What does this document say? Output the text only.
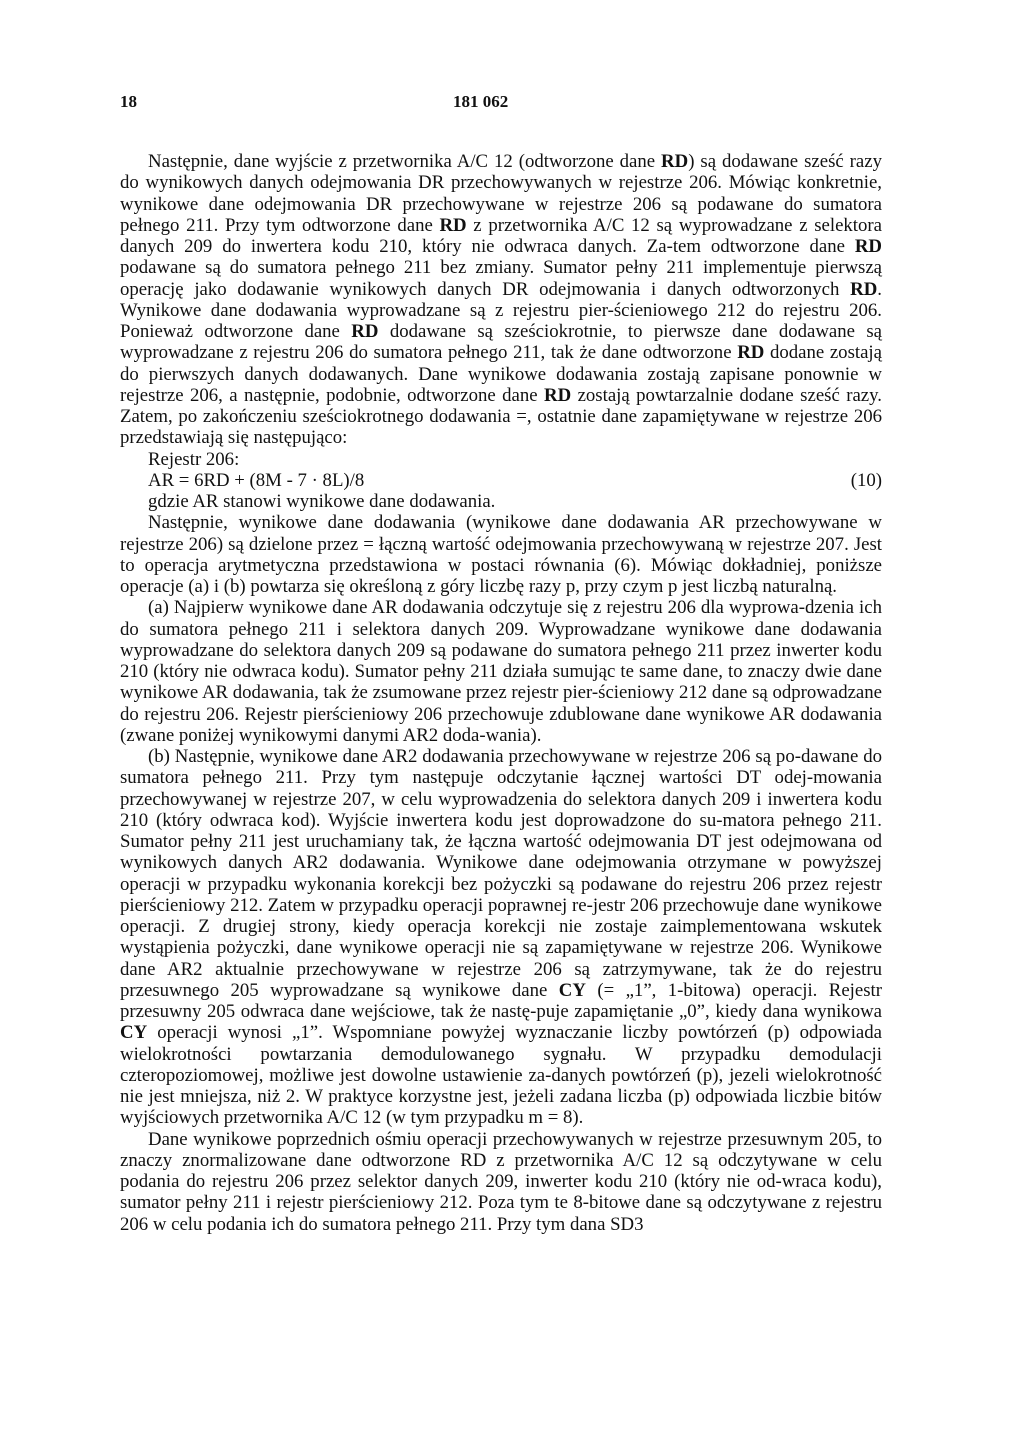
18	181 062

Następnie, dane wyjście z przetwornika A/C 12 (odtworzone dane RD) są dodawane sześć razy do wynikowych danych odejmowania DR przechowywanych w rejestrze 206. Mówiąc konkretnie, wynikowe dane odejmowania DR przechowywane w rejestrze 206 są podawane do sumatora pełnego 211. Przy tym odtworzone dane RD z przetwornika A/C 12 są wyprowadzane z selektora danych 209 do inwertera kodu 210, który nie odwraca danych. Za-tem odtworzone dane RD podawane są do sumatora pełnego 211 bez zmiany. Sumator pełny 211 implementuje pierwszą operację jako dodawanie wynikowych danych DR odejmowania i danych odtworzonych RD. Wynikowe dane dodawania wyprowadzane są z rejestru pier-ścieniowego 212 do rejestru 206. Ponieważ odtworzone dane RD dodawane są sześciokrotnie, to pierwsze dane dodawane są wyprowadzane z rejestru 206 do sumatora pełnego 211, tak że dane odtworzone RD dodane zostają do pierwszych danych dodawanych. Dane wynikowe dodawania zostają zapisane ponownie w rejestrze 206, a następnie, podobnie, odtworzone dane RD zostają powtarzalnie dodane sześć razy. Zatem, po zakończeniu sześciokrotnego dodawania =, ostatnie dane zapamiętywane w rejestrze 206 przedstawiają się następująco:

Rejestr 206:
AR = 6RD + (8M - 7 · 8L)/8	(10)
gdzie AR stanowi wynikowe dane dodawania.

Następnie, wynikowe dane dodawania (wynikowe dane dodawania AR przechowywane w rejestrze 206) są dzielone przez = łączną wartość odejmowania przechowywaną w rejestrze 207. Jest to operacja arytmetyczna przedstawiona w postaci równania (6). Mówiąc dokładniej, poniższe operacje (a) i (b) powtarza się określoną z góry liczbę razy p, przy czym p jest liczbą naturalną.

(a) Najpierw wynikowe dane AR dodawania odczytuje się z rejestru 206 dla wyprowa-dzenia ich do sumatora pełnego 211 i selektora danych 209. Wyprowadzane wynikowe dane dodawania wyprowadzane do selektora danych 209 są podawane do sumatora pełnego 211 przez inwerter kodu 210 (który nie odwraca kodu). Sumator pełny 211 działa sumując te same dane, to znaczy dwie dane wynikowe AR dodawania, tak że zsumowane przez rejestr pier-ścieniowy 212 dane są odprowadzane do rejestru 206. Rejestr pierścieniowy 206 przechowuje zdublowane dane wynikowe AR dodawania (zwane poniżej wynikowymi danymi AR2 doda-wania).

(b) Następnie, wynikowe dane AR2 dodawania przechowywane w rejestrze 206 są po-dawane do sumatora pełnego 211. Przy tym następuje odczytanie łącznej wartości DT odej-mowania przechowywanej w rejestrze 207, w celu wyprowadzenia do selektora danych 209 i inwertera kodu 210 (który odwraca kod). Wyjście inwertera kodu jest doprowadzone do su-matora pełnego 211. Sumator pełny 211 jest uruchamiany tak, że łączna wartość odejmowania DT jest odejmowana od wynikowych danych AR2 dodawania. Wynikowe dane odejmowania otrzymane w powyższej operacji w przypadku wykonania korekcji bez pożyczki są podawane do rejestru 206 przez rejestr pierścieniowy 212. Zatem w przypadku operacji poprawnej re-jestr 206 przechowuje dane wynikowe operacji. Z drugiej strony, kiedy operacja korekcji nie zostaje zaimplementowana wskutek wystąpienia pożyczki, dane wynikowe operacji nie są zapamiętywane w rejestrze 206. Wynikowe dane AR2 aktualnie przechowywane w rejestrze 206 są zatrzymywane, tak że do rejestru przesuwnego 205 wyprowadzane są wynikowe dane CY (= „1”, 1-bitowa) operacji. Rejestr przesuwny 205 odwraca dane wejściowe, tak że nastę-puje zapamiętanie „0”, kiedy dana wynikowa CY operacji wynosi „1”. Wspomniane powyżej wyznaczanie liczby powtórzeń (p) odpowiada wielokrotności powtarzania demodulowanego sygnału. W przypadku demodulacji czteropoziomowej, możliwe jest dowolne ustawienie za-danych powtórzeń (p), jezeli wielokrotność nie jest mniejsza, niż 2. W praktyce korzystne jest, jeżeli zadana liczba (p) odpowiada liczbie bitów wyjściowych przetwornika A/C 12 (w tym przypadku m = 8).

Dane wynikowe poprzednich ośmiu operacji przechowywanych w rejestrze przesuwnym 205, to znaczy znormalizowane dane odtworzone RD z przetwornika A/C 12 są odczytywane w celu podania do rejestru 206 przez selektor danych 209, inwerter kodu 210 (który nie od-wraca kodu), sumator pełny 211 i rejestr pierścieniowy 212. Poza tym te 8-bitowe dane są odczytywane z rejestru 206 w celu podania ich do sumatora pełnego 211. Przy tym dana SD3
